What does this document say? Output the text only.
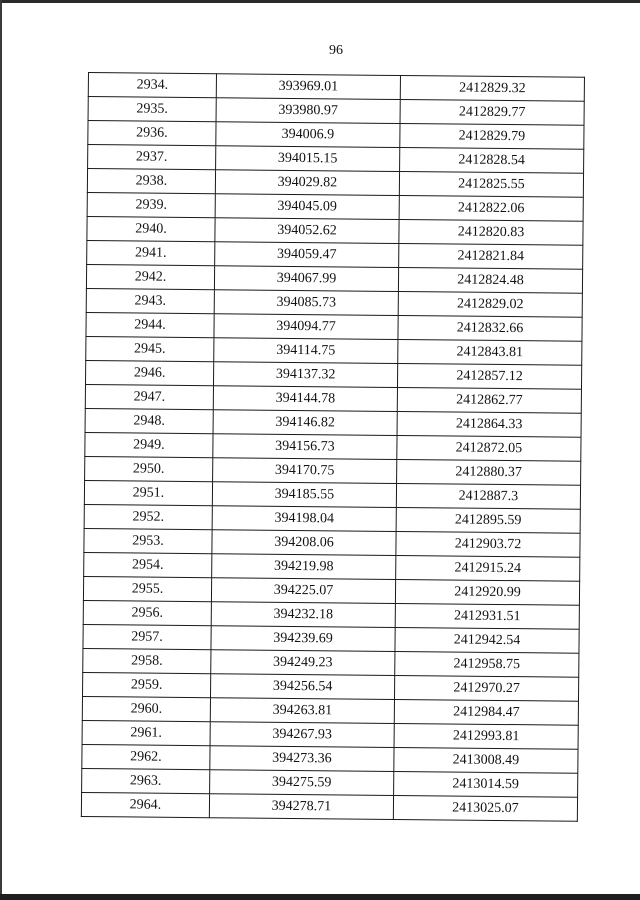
96
2934.	393969.01	2412829.32
2935.	393980.97	2412829.77
2936.	394006.9	2412829.79
2937.	394015.15	2412828.54
2938.	394029.82	2412825.55
2939.	394045.09	2412822.06
2940.	394052.62	2412820.83
2941.	394059.47	2412821.84
2942.	394067.99	2412824.48
2943.	394085.73	2412829.02
2944.	394094.77	2412832.66
2945.	394114.75	2412843.81
2946.	394137.32	2412857.12
2947.	394144.78	2412862.77
2948.	394146.82	2412864.33
2949.	394156.73	2412872.05
2950.	394170.75	2412880.37
2951.	394185.55	2412887.3
2952.	394198.04	2412895.59
2953.	394208.06	2412903.72
2954.	394219.98	2412915.24
2955.	394225.07	2412920.99
2956.	394232.18	2412931.51
2957.	394239.69	2412942.54
2958.	394249.23	2412958.75
2959.	394256.54	2412970.27
2960.	394263.81	2412984.47
2961.	394267.93	2412993.81
2962.	394273.36	2413008.49
2963.	394275.59	2413014.59
2964.	394278.71	2413025.07
